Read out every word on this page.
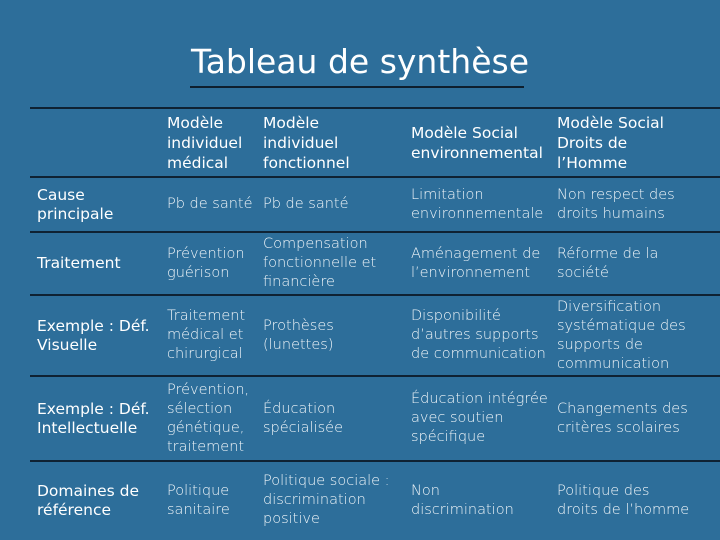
Tableau de synthèse
Modèle
individuel
médical
Modèle
individuel
fonctionnel
Modèle Social
environnemental
Modèle Social
Droits de
l’Homme
Cause
principale
Pb de santé Pb de santé
Limitation
environnementale
Non respect des
droits humains
Traitement
Prévention
guérison
Compensation
fonctionnelle et
financière
Aménagement de
l’environnement
Réforme de la
société
Exemple : Déf.
Visuelle
Traitement
médical et
chirurgical
Prothèses
(lunettes)
Disponibilité
d’autres supports
de communication
Diversification
systématique des
supports de
communication
Exemple : Déf.
Intellectuelle
Prévention,
sélection
génétique,
traitement
Éducation
spécialisée
Éducation intégrée
avec soutien
spécifique
Changements des
critères scolaires
Domaines de
référence
Politique
sanitaire
Politique sociale :
discrimination
positive
Non
discrimination
Politique des
droits de l’homme
